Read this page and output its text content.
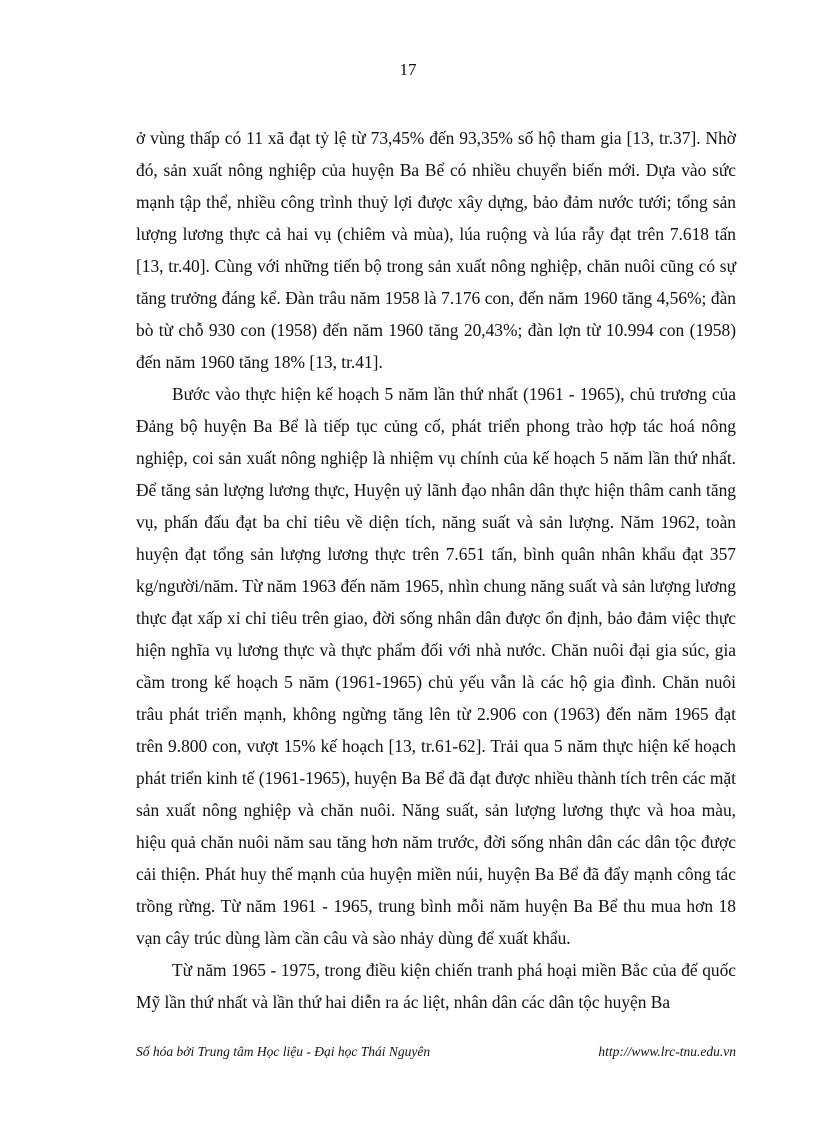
17

ở vùng thấp có 11 xã đạt tỷ lệ từ 73,45% đến 93,35% số hộ tham gia [13, tr.37]. Nhờ đó, sản xuất nông nghiệp của huyện Ba Bể có nhiều chuyển biến mới. Dựa vào sức mạnh tập thể, nhiều công trình thuỷ lợi được xây dựng, bảo đảm nước tưới; tổng sản lượng lương thực cả hai vụ (chiêm và mùa), lúa ruộng và lúa rẫy đạt trên 7.618 tấn [13, tr.40]. Cùng với những tiến bộ trong sản xuất nông nghiệp, chăn nuôi cũng có sự tăng trưởng đáng kể. Đàn trâu năm 1958 là 7.176 con, đến năm 1960 tăng 4,56%; đàn bò từ chỗ 930 con (1958) đến năm 1960 tăng 20,43%; đàn lợn từ 10.994 con (1958) đến năm 1960 tăng 18% [13, tr.41].

Bước vào thực hiện kế hoạch 5 năm lần thứ nhất (1961 - 1965), chủ trương của Đảng bộ huyện Ba Bể là tiếp tục củng cố, phát triển phong trào hợp tác hoá nông nghiệp, coi sản xuất nông nghiệp là nhiệm vụ chính của kế hoạch 5 năm lần thứ nhất. Để tăng sản lượng lương thực, Huyện uỷ lãnh đạo nhân dân thực hiện thâm canh tăng vụ, phấn đấu đạt ba chỉ tiêu về diện tích, năng suất và sản lượng. Năm 1962, toàn huyện đạt tổng sản lượng lương thực trên 7.651 tấn, bình quân nhân khẩu đạt 357 kg/người/năm. Từ năm 1963 đến năm 1965, nhìn chung năng suất và sản lượng lương thực đạt xấp xỉ chỉ tiêu trên giao, đời sống nhân dân được ổn định, bảo đảm việc thực hiện nghĩa vụ lương thực và thực phẩm đối với nhà nước. Chăn nuôi đại gia súc, gia cầm trong kế hoạch 5 năm (1961-1965) chủ yếu vẫn là các hộ gia đình. Chăn nuôi trâu phát triển mạnh, không ngừng tăng lên từ 2.906 con (1963) đến năm 1965 đạt trên 9.800 con, vượt 15% kế hoạch [13, tr.61-62]. Trải qua 5 năm thực hiện kế hoạch phát triển kinh tế (1961-1965), huyện Ba Bể đã đạt được nhiều thành tích trên các mặt sản xuất nông nghiệp và chăn nuôi. Năng suất, sản lượng lương thực và hoa màu, hiệu quả chăn nuôi năm sau tăng hơn năm trước, đời sống nhân dân các dân tộc được cải thiện. Phát huy thế mạnh của huyện miền núi, huyện Ba Bể đã đẩy mạnh công tác trồng rừng. Từ năm 1961 - 1965, trung bình mỗi năm huyện Ba Bể thu mua hơn 18 vạn cây trúc dùng làm cần câu và sào nhảy dùng để xuất khẩu.

Từ năm 1965 - 1975, trong điều kiện chiến tranh phá hoại miền Bắc của đế quốc Mỹ lần thứ nhất và lần thứ hai diễn ra ác liệt, nhân dân các dân tộc huyện Ba

Số hóa bởi Trung tâm Học liệu - Đại học Thái Nguyên	http://www.lrc-tnu.edu.vn
